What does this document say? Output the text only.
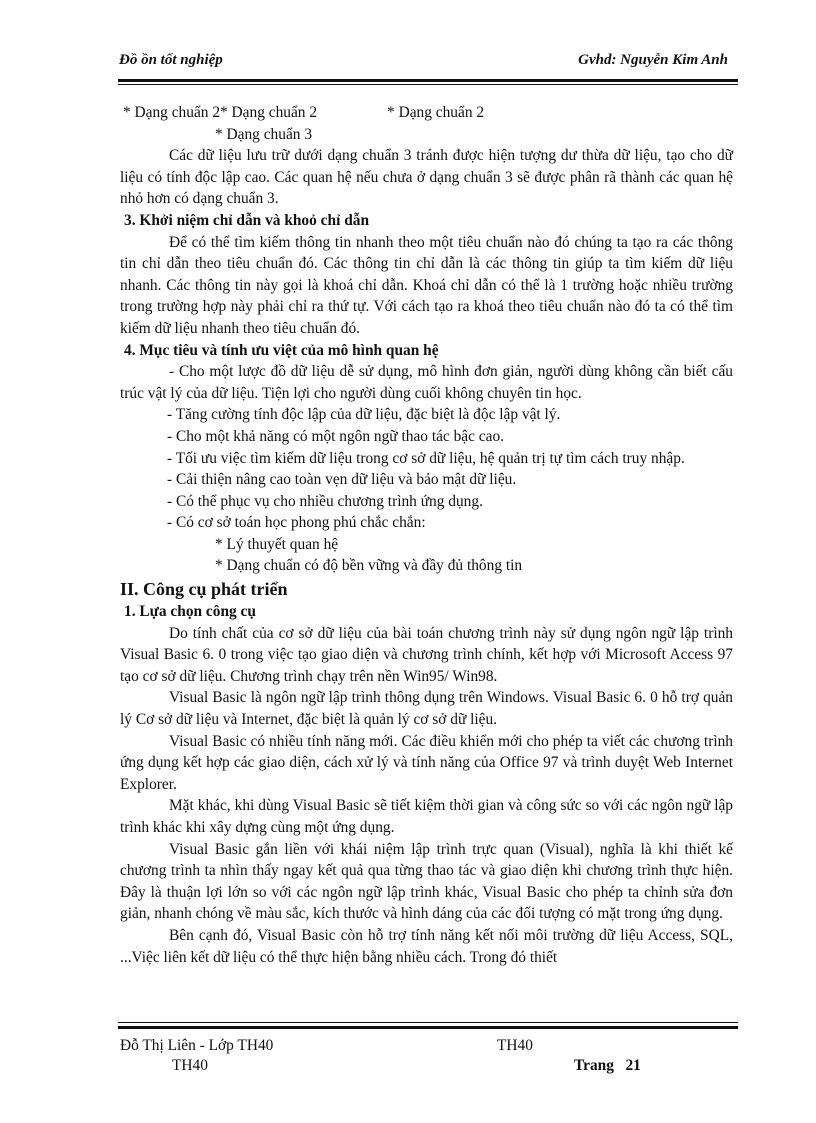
Đồ ồn tốt nghiệp	Gvhd: Nguyễn Kim Anh

* Dạng chuẩn 2* Dạng chuẩn 2	* Dạng chuẩn 2

* Dạng chuẩn 3

Các dữ liệu lưu trữ dưới dạng chuẩn 3 tránh được hiện tượng dư thừa dữ liệu, tạo cho dữ liệu có tính độc lập cao. Các quan hệ nếu chưa ở dạng chuẩn 3 sẽ được phân rã thành các quan hệ nhỏ hơn có dạng chuẩn 3.

3. Khởi niệm chỉ dẫn và khoỏ chỉ dẫn

Để có thể tìm kiếm thông tin nhanh theo một tiêu chuẩn nào đó chúng ta tạo ra các thông tin chỉ dẫn theo tiêu chuẩn đó. Các thông tin chỉ dẫn là các thông tin giúp ta tìm kiếm dữ liệu nhanh. Các thông tin này gọi là khoá chỉ dẫn. Khoá chỉ dẫn có thể là 1 trường hoặc nhiều trường trong trường hợp này phải chỉ ra thứ tự. Với cách tạo ra khoá theo tiêu chuẩn nào đó ta có thể tìm kiếm dữ liệu nhanh theo tiêu chuẩn đó.

4. Mục tiêu và tính ưu việt của mô hình quan hệ

- Cho một lược đồ dữ liệu dễ sử dụng, mô hình đơn giản, người dùng không cần biết cấu trúc vật lý của dữ liệu. Tiện lợi cho người dùng cuối không chuyên tin học.

- Tăng cường tính độc lập của dữ liệu, đặc biệt là độc lập vật lý.

- Cho một khả năng có một ngôn ngữ thao tác bậc cao.

- Tối ưu việc tìm kiếm dữ liệu trong cơ sở dữ liệu, hệ quản trị tự tìm cách truy nhập.

- Cải thiện nâng cao toàn vẹn dữ liệu và bảo mật dữ liệu.

- Có thể phục vụ cho nhiều chương trình ứng dụng.

- Có cơ sở toán học phong phú chắc chắn:

* Lý thuyết quan hệ

* Dạng chuẩn có độ bền vững và đầy đủ thông tin

II. Công cụ phát triển

1. Lựa chọn công cụ

Do tính chất của cơ sở dữ liệu của bài toán chương trình này sử dụng ngôn ngữ lập trình Visual Basic 6. 0 trong việc tạo giao diện và chương trình chính, kết hợp với Microsoft Access 97 tạo cơ sở dữ liệu. Chương trình chạy trên nền Win95/ Win98.

Visual Basic là ngôn ngữ lập trình thông dụng trên Windows. Visual Basic 6. 0 hỗ trợ quản lý Cơ sở dữ liệu và Internet, đặc biệt là quản lý cơ sở dữ liệu.

Visual Basic có nhiều tính năng mới. Các điều khiển mới cho phép ta viết các chương trình ứng dụng kết hợp các giao diện, cách xử lý và tính năng của Office 97 và trình duyệt Web Internet Explorer.

Mặt khác, khi dùng Visual Basic sẽ tiết kiệm thời gian và công sức so với các ngôn ngữ lập trình khác khi xây dựng cùng một ứng dụng.

Visual Basic gắn liền với khái niệm lập trình trực quan (Visual), nghĩa là khi thiết kế chương trình ta nhìn thấy ngay kết quả qua từng thao tác và giao diện khi chương trình thực hiện. Đây là thuận lợi lớn so với các ngôn ngữ lập trình khác, Visual Basic cho phép ta chỉnh sửa đơn giản, nhanh chóng về màu sắc, kích thước và hình dáng của các đối tượng có mặt trong ứng dụng.

Bên cạnh đó, Visual Basic còn hỗ trợ tính năng kết nối môi trường dữ liệu Access, SQL, ...Việc liên kết dữ liệu có thể thực hiện bằng nhiều cách. Trong đó thiết

Đỗ Thị Liên - Lớp TH40	TH40
TH40	Trang 21
